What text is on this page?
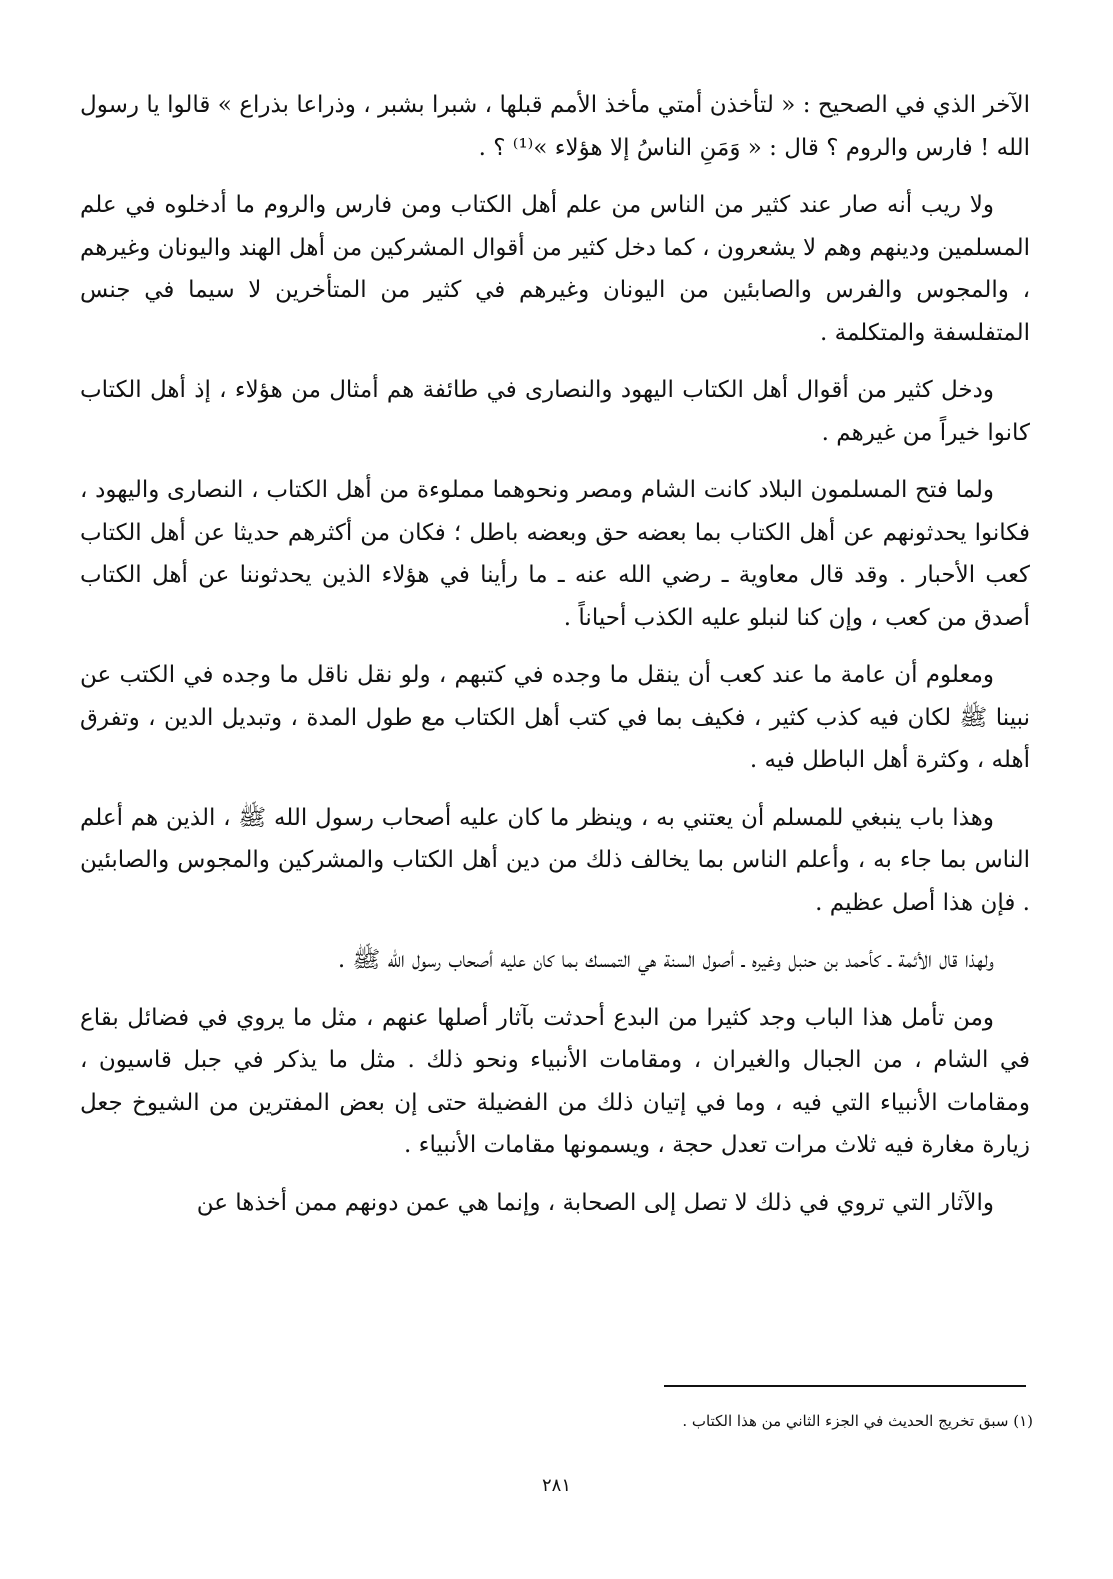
الآخر الذي في الصحيح : « لتأخذن أمتي مأخذ الأمم قبلها ، شبرا بشبر ، وذراعا بذراع » قالوا يا رسول الله ! فارس والروم ؟ قال : « وَمَنِ الناسُ إلا هؤلاء »⁽¹⁾ ؟ .

ولا ريب أنه صار عند كثير من الناس من علم أهل الكتاب ومن فارس والروم ما أدخلوه في علم المسلمين ودينهم وهم لا يشعرون ، كما دخل كثير من أقوال المشركين من أهل الهند واليونان وغيرهم ، والمجوس والفرس والصابئين من اليونان وغيرهم في كثير من المتأخرين لا سيما في جنس المتفلسفة والمتكلمة .

ودخل كثير من أقوال أهل الكتاب اليهود والنصارى في طائفة هم أمثال من هؤلاء ، إذ أهل الكتاب كانوا خيراً من غيرهم .

ولما فتح المسلمون البلاد كانت الشام ومصر ونحوهما مملوءة من أهل الكتاب ، النصارى واليهود ، فكانوا يحدثونهم عن أهل الكتاب بما بعضه حق وبعضه باطل ؛ فكان من أكثرهم حديثا عن أهل الكتاب كعب الأحبار . وقد قال معاوية ـ رضي الله عنه ـ ما رأينا في هؤلاء الذين يحدثوننا عن أهل الكتاب أصدق من كعب ، وإن كنا لنبلو عليه الكذب أحياناً .

ومعلوم أن عامة ما عند كعب أن ينقل ما وجده في كتبهم ، ولو نقل ناقل ما وجده في الكتب عن نبينا ﷺ لكان فيه كذب كثير ، فكيف بما في كتب أهل الكتاب مع طول المدة ، وتبديل الدين ، وتفرق أهله ، وكثرة أهل الباطل فيه .

وهذا باب ينبغي للمسلم أن يعتني به ، وينظر ما كان عليه أصحاب رسول الله ﷺ ، الذين هم أعلم الناس بما جاء به ، وأعلم الناس بما يخالف ذلك من دين أهل الكتاب والمشركين والمجوس والصابئين . فإن هذا أصل عظيم .

ولهذا قال الأئمة ـ كأحمد بن حنبل وغيره ـ أصول السنة هي التمسك بما كان عليه أصحاب رسول الله ﷺ .

ومن تأمل هذا الباب وجد كثيرا من البدع أحدثت بآثار أصلها عنهم ، مثل ما يروي في فضائل بقاع في الشام ، من الجبال والغيران ، ومقامات الأنبياء ونحو ذلك . مثل ما يذكر في جبل قاسيون ، ومقامات الأنبياء التي فيه ، وما في إتيان ذلك من الفضيلة حتى إن بعض المفترين من الشيوخ جعل زيارة مغارة فيه ثلاث مرات تعدل حجة ، ويسمونها مقامات الأنبياء .

والآثار التي تروي في ذلك لا تصل إلى الصحابة ، وإنما هي عمن دونهم ممن أخذها عن

(١) سبق تخريج الحديث في الجزء الثاني من هذا الكتاب .
٢٨١
